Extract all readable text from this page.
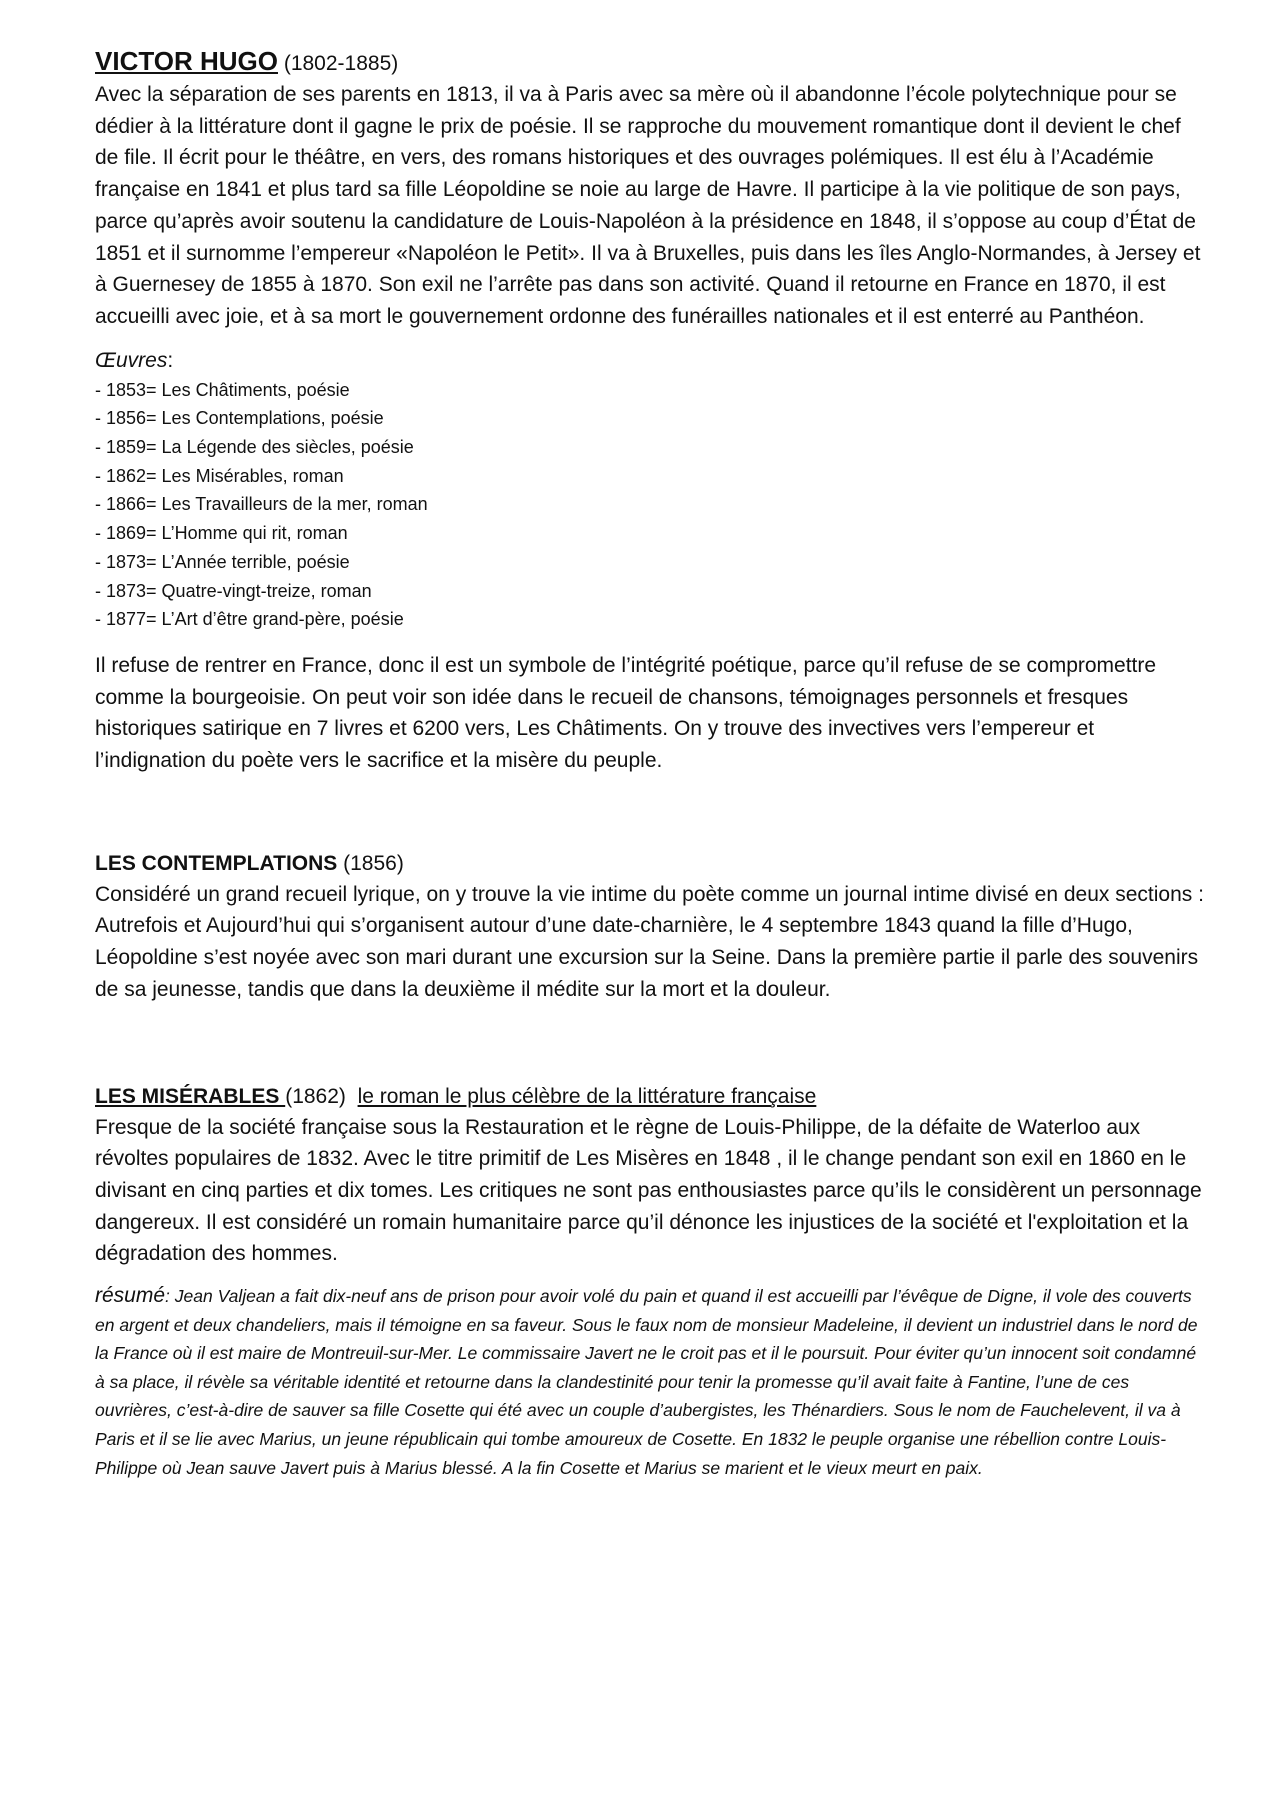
VICTOR HUGO (1802-1885)

Avec la séparation de ses parents en 1813, il va à Paris avec sa mère où il abandonne l’école polytechnique pour se dédier à la littérature dont il gagne le prix de poésie. Il se rapproche du mouvement romantique dont il devient le chef de file. Il écrit pour le théâtre, en vers, des romans historiques et des ouvrages polémiques. Il est élu à l’Académie française en 1841 et plus tard sa fille Léopoldine se noie au large de Havre. Il participe à la vie politique de son pays, parce qu’après avoir soutenu la candidature de Louis-Napoléon à la présidence en 1848, il s’oppose au coup d’État de 1851 et il surnomme l’empereur «Napoléon le Petit». Il va à Bruxelles, puis dans les îles Anglo-Normandes, à Jersey et à Guernesey de 1855 à 1870. Son exil ne l’arrête pas dans son activité. Quand il retourne en France en 1870, il est accueilli avec joie, et à sa mort le gouvernement ordonne des funérailles nationales et il est enterré au Panthéon.

Œuvres:

- 1853= Les Châtiments, poésie
- 1856= Les Contemplations, poésie
- 1859= La Légende des siècles, poésie
- 1862= Les Misérables, roman
- 1866= Les Travailleurs de la mer, roman
- 1869= L’Homme qui rit, roman
- 1873= L’Année terrible, poésie
- 1873= Quatre-vingt-treize, roman
- 1877= L’Art d’être grand-père, poésie

Il refuse de rentrer en France, donc il est un symbole de l’intégrité poétique, parce qu’il refuse de se compromettre comme la bourgeoisie. On peut voir son idée dans le recueil de chansons, témoignages personnels et fresques historiques satirique en 7 livres et 6200 vers, Les Châtiments. On y trouve des invectives vers l’empereur et l’indignation du poète vers le sacrifice et la misère du peuple.

LES CONTEMPLATIONS (1856)

Considéré un grand recueil lyrique, on y trouve la vie intime du poète comme un journal intime divisé en deux sections : Autrefois et Aujourd’hui qui s’organisent autour d’une date-charnière, le 4 septembre 1843 quand la fille d’Hugo, Léopoldine s’est noyée avec son mari durant une excursion sur la Seine. Dans la première partie il parle des souvenirs de sa jeunesse, tandis que dans la deuxième il médite sur la mort et la douleur.

LES MISÉRABLES (1862) le roman le plus célèbre de la littérature française

Fresque de la société française sous la Restauration et le règne de Louis-Philippe, de la défaite de Waterloo aux révoltes populaires de 1832. Avec le titre primitif de Les Misères en 1848 , il le change pendant son exil en 1860 en le divisant en cinq parties et dix tomes. Les critiques ne sont pas enthousiastes parce qu’ils le considèrent un personnage dangereux. Il est considéré un romain humanitaire parce qu’il dénonce les injustices de la société et l'exploitation et la dégradation des hommes.

résumé: Jean Valjean a fait dix-neuf ans de prison pour avoir volé du pain et quand il est accueilli par l’évêque de Digne, il vole des couverts en argent et deux chandeliers, mais il témoigne en sa faveur. Sous le faux nom de monsieur Madeleine, il devient un industriel dans le nord de la France où il est maire de Montreuil-sur-Mer. Le commissaire Javert ne le croit pas et il le poursuit. Pour éviter qu’un innocent soit condamné à sa place, il révèle sa véritable identité et retourne dans la clandestinité pour tenir la promesse qu’il avait faite à Fantine, l’une de ces ouvrières, c’est-à-dire de sauver sa fille Cosette qui été avec un couple d’aubergistes, les Thénardiers. Sous le nom de Fauchelevent, il va à Paris et il se lie avec Marius, un jeune républicain qui tombe amoureux de Cosette. En 1832 le peuple organise une rébellion contre Louis-Philippe où Jean sauve Javert puis à Marius blessé. A la fin Cosette et Marius se marient et le vieux meurt en paix.
